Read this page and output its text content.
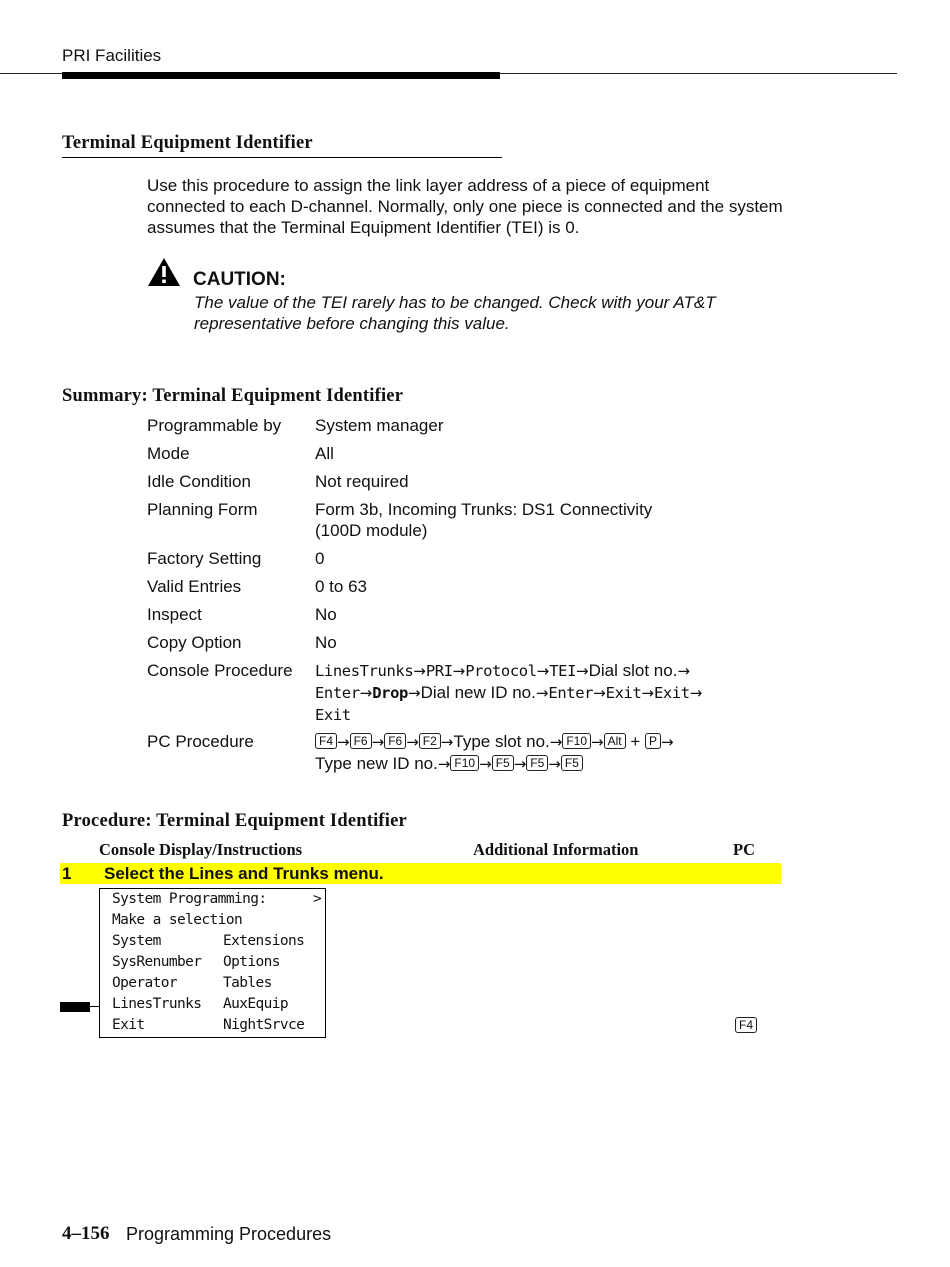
PRI Facilities
Terminal Equipment Identifier
Use this procedure to assign the link layer address of a piece of equipment connected to each D-channel. Normally, only one piece is connected and the system assumes that the Terminal Equipment Identifier (TEI) is 0.
CAUTION:
The value of the TEI rarely has to be changed. Check with your AT&T representative before changing this value.
Summary: Terminal Equipment Identifier
Programmable by	System manager
Mode	All
Idle Condition	Not required
Planning Form	Form 3b, Incoming Trunks: DS1 Connectivity
(100D module)
Factory Setting	0
Valid Entries	0 to 63
Inspect	No
Copy Option	No
Console Procedure	LinesTrunks→PRI→Protocol→TEI→Dial slot no.→
Enter→Drop→Dial new ID no.→Enter→Exit→Exit→
Exit
PC Procedure	F4 → F6 → F6 → F2 →Type slot no.→ F10 → Alt + P →
Type new ID no.→ F10 → F5 → F5 → F5
Procedure: Terminal Equipment Identifier
Console Display/Instructions	Additional Information	PC
1 Select the Lines and Trunks menu.
System Programming:	>
Make a selection
System	Extensions
SysRenumber Options
Operator	Tables
LinesTrunks AuxEquip
Exit	NightSrvce	F4
4–156 Programming Procedures
